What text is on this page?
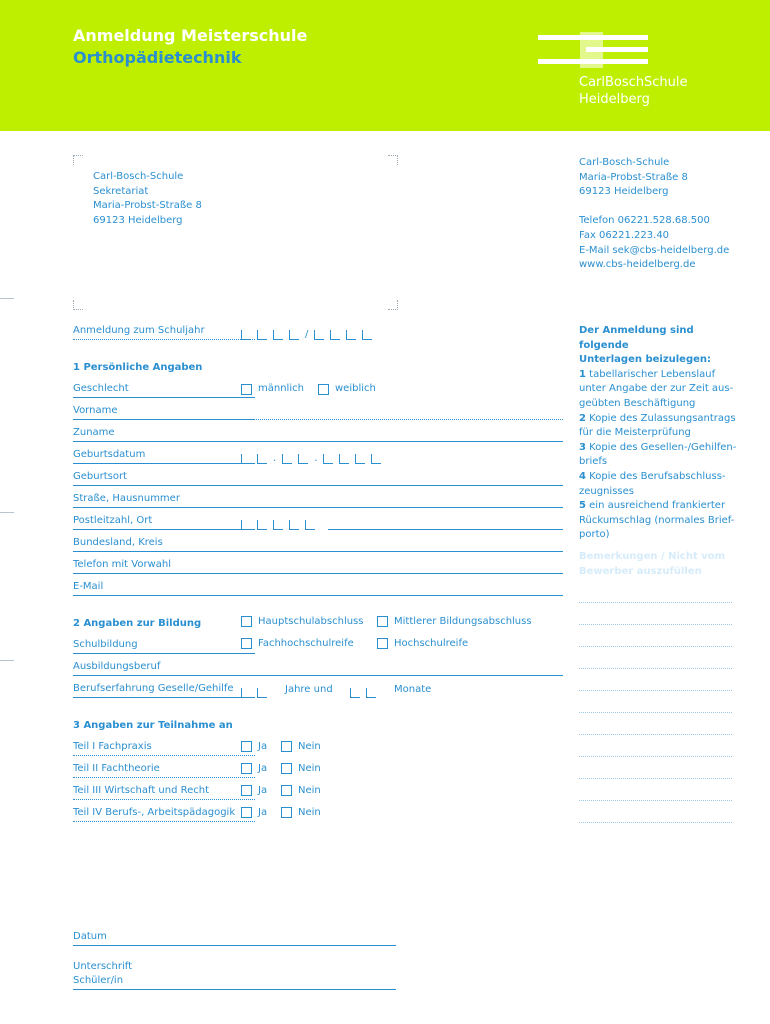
Anmeldung Meisterschule
Orthopädietechnik
CarlBoschSchule
Heidelberg
Carl-Bosch-Schule
Sekretariat
Maria-Probst-Straße 8
69123 Heidelberg
Carl-Bosch-Schule
Maria-Probst-Straße 8
69123 Heidelberg
Telefon 06221.528.68.500
Fax 06221.223.40
E-Mail sek@cbs-heidelberg.de
www.cbs-heidelberg.de
Anmeldung zum Schuljahr	/
1 Persönliche Angaben
Geschlecht	männlich	weiblich
Vorname
Zuname
Geburtsdatum	.	.
Geburtsort
Straße, Hausnummer
Postleitzahl, Ort
Bundesland, Kreis
Telefon mit Vorwahl
E-Mail
2 Angaben zur Bildung	Hauptschulabschluss	Mittlerer Bildungsabschluss
Schulbildung	Fachhochschulreife	Hochschulreife
Ausbildungsberuf
Berufserfahrung Geselle/Gehilfe	Jahre und	Monate
3 Angaben zur Teilnahme an
Teil I Fachpraxis	Ja	Nein
Teil II Fachtheorie	Ja	Nein
Teil III Wirtschaft und Recht	Ja	Nein
Teil IV Berufs-, Arbeitspädagogik	Ja	Nein
Datum
Unterschrift
Schüler/in
Der Anmeldung sind folgende
Unterlagen beizulegen:
1 tabellarischer Lebenslauf
unter Angabe der zur Zeit aus-
geübten Beschäftigung
2 Kopie des Zulassungsantrags
für die Meisterprüfung
3 Kopie des Gesellen-/Gehilfen-
briefs
4 Kopie des Berufsabschluss-
zeugnisses
5 ein ausreichend frankierter
Rückumschlag (normales Brief-
porto)
Bemerkungen / Nicht vom
Bewerber auszufüllen
